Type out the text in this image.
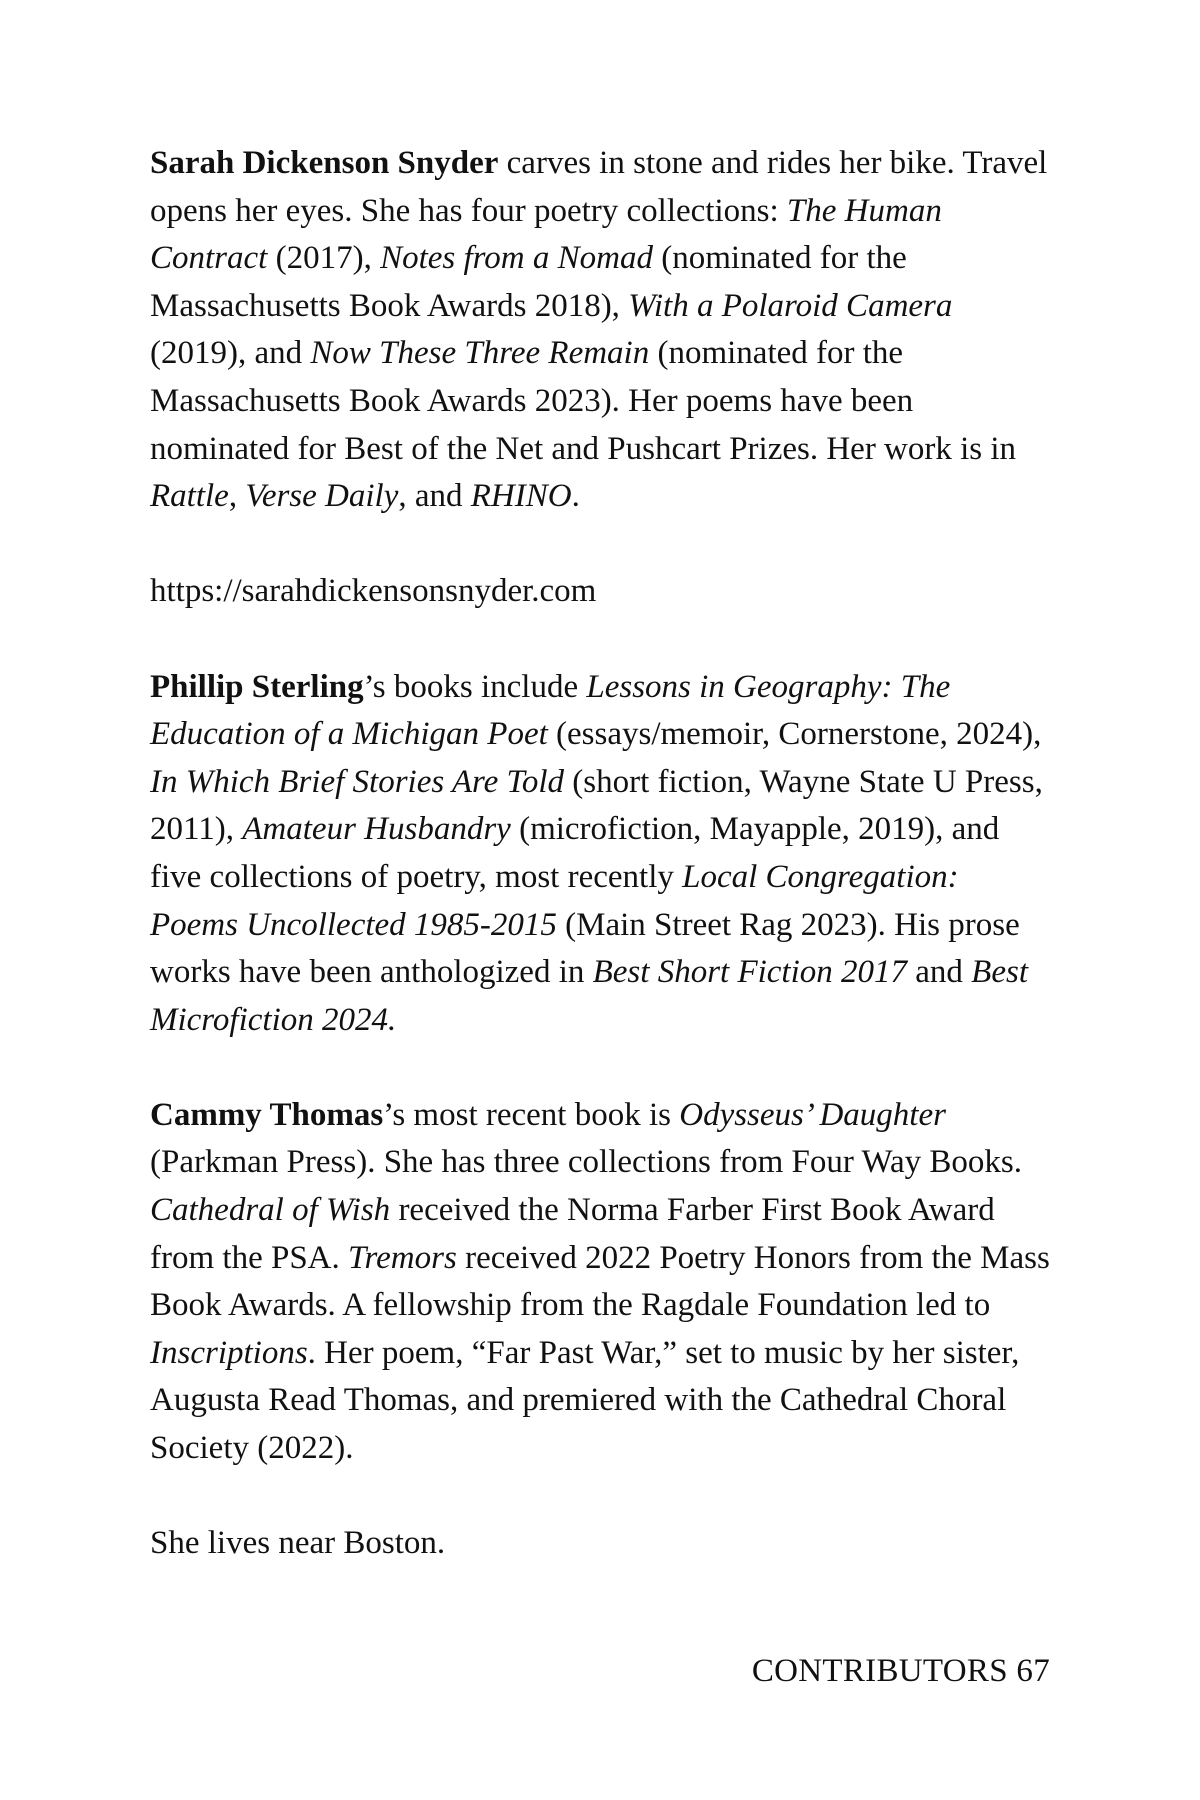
Sarah Dickenson Snyder carves in stone and rides her bike. Travel opens her eyes. She has four poetry collections: The Human Contract (2017), Notes from a Nomad (nominated for the Massachusetts Book Awards 2018), With a Polaroid Camera (2019), and Now These Three Remain (nominated for the Massachusetts Book Awards 2023). Her poems have been nominated for Best of the Net and Pushcart Prizes. Her work is in Rattle, Verse Daily, and RHINO.

https://sarahdickensonsnyder.com

Phillip Sterling’s books include Lessons in Geography: The Education of a Michigan Poet (essays/memoir, Cornerstone, 2024), In Which Brief Stories Are Told (short fiction, Wayne State U Press, 2011), Amateur Husbandry (microfiction, Mayapple, 2019), and five collections of poetry, most recently Local Congregation: Poems Uncollected 1985-2015 (Main Street Rag 2023). His prose works have been anthologized in Best Short Fiction 2017 and Best Microfiction 2024.

Cammy Thomas’s most recent book is Odysseus’ Daughter (Parkman Press). She has three collections from Four Way Books. Cathedral of Wish received the Norma Farber First Book Award from the PSA. Tremors received 2022 Poetry Honors from the Mass Book Awards. A fellowship from the Ragdale Foundation led to Inscriptions. Her poem, “Far Past War,” set to music by her sister, Augusta Read Thomas, and premiered with the Cathedral Choral Society (2022).

She lives near Boston.

CONTRIBUTORS 67
